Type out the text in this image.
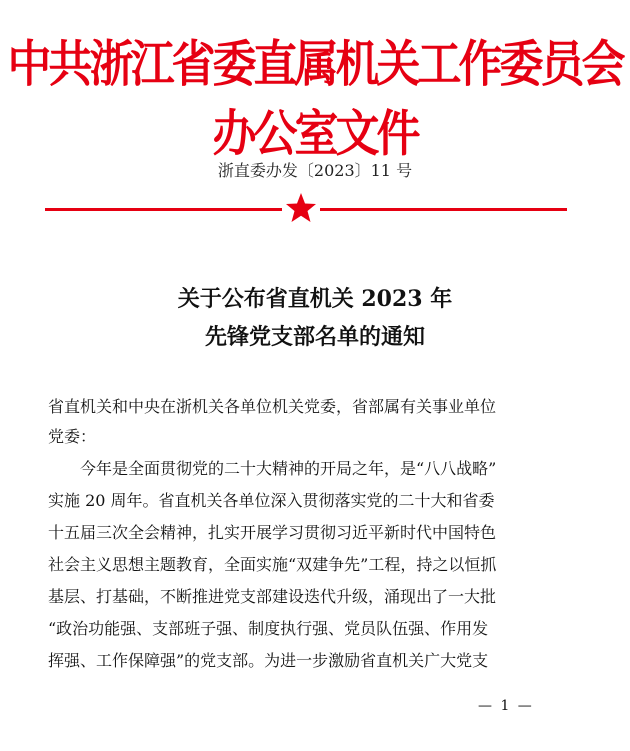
中共浙江省委直属机关工作委员会办公室文件
浙直委办发〔2023〕11 号
关于公布省直机关 2023 年
先锋党支部名单的通知
省直机关和中央在浙机关各单位机关党委，省部属有关事业单位
党委：
今年是全面贯彻党的二十大精神的开局之年，是“八八战略”
实施 20 周年。省直机关各单位深入贯彻落实党的二十大和省委
十五届三次全会精神，扎实开展学习贯彻习近平新时代中国特色
社会主义思想主题教育，全面实施“双建争先”工程，持之以恒抓
基层、打基础，不断推进党支部建设迭代升级，涌现出了一大批
“政治功能强、支部班子强、制度执行强、党员队伍强、作用发
挥强、工作保障强”的党支部。为进一步激励省直机关广大党支
— 1 —
